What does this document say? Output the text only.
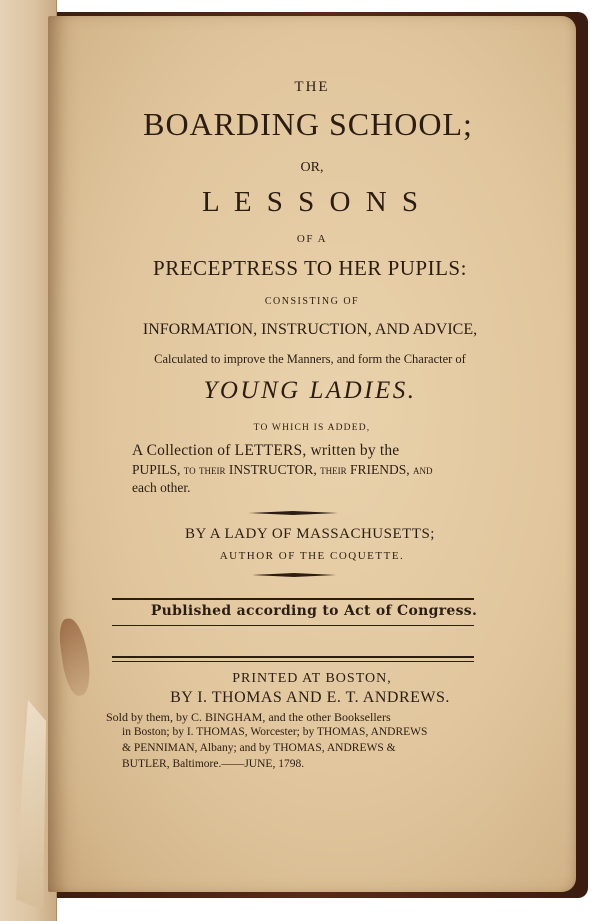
THE
BOARDING SCHOOL;
OR,
L E S S O N S
OF A
PRECEPTRESS TO HER PUPILS:
CONSISTING OF
INFORMATION, INSTRUCTION, AND ADVICE,
Calculated to improve the Manners, and form the Character of
YOUNG LADIES.
TO WHICH IS ADDED,
A Collection of LETTERS, written by the
PUPILS, to their INSTRUCTOR, their FRIENDS, and
each other.
BY A LADY OF MASSACHUSETTS;
AUTHOR OF THE COQUETTE.
Published according to Act of Congress.
PRINTED AT BOSTON,
BY I. THOMAS AND E. T. ANDREWS.
Sold by them, by C. BINGHAM, and the other Booksellers
in Boston; by I. THOMAS, Worcester; by THOMAS, ANDREWS
& PENNIMAN, Albany; and by THOMAS, ANDREWS &
BUTLER, Baltimore.——JUNE, 1798.
